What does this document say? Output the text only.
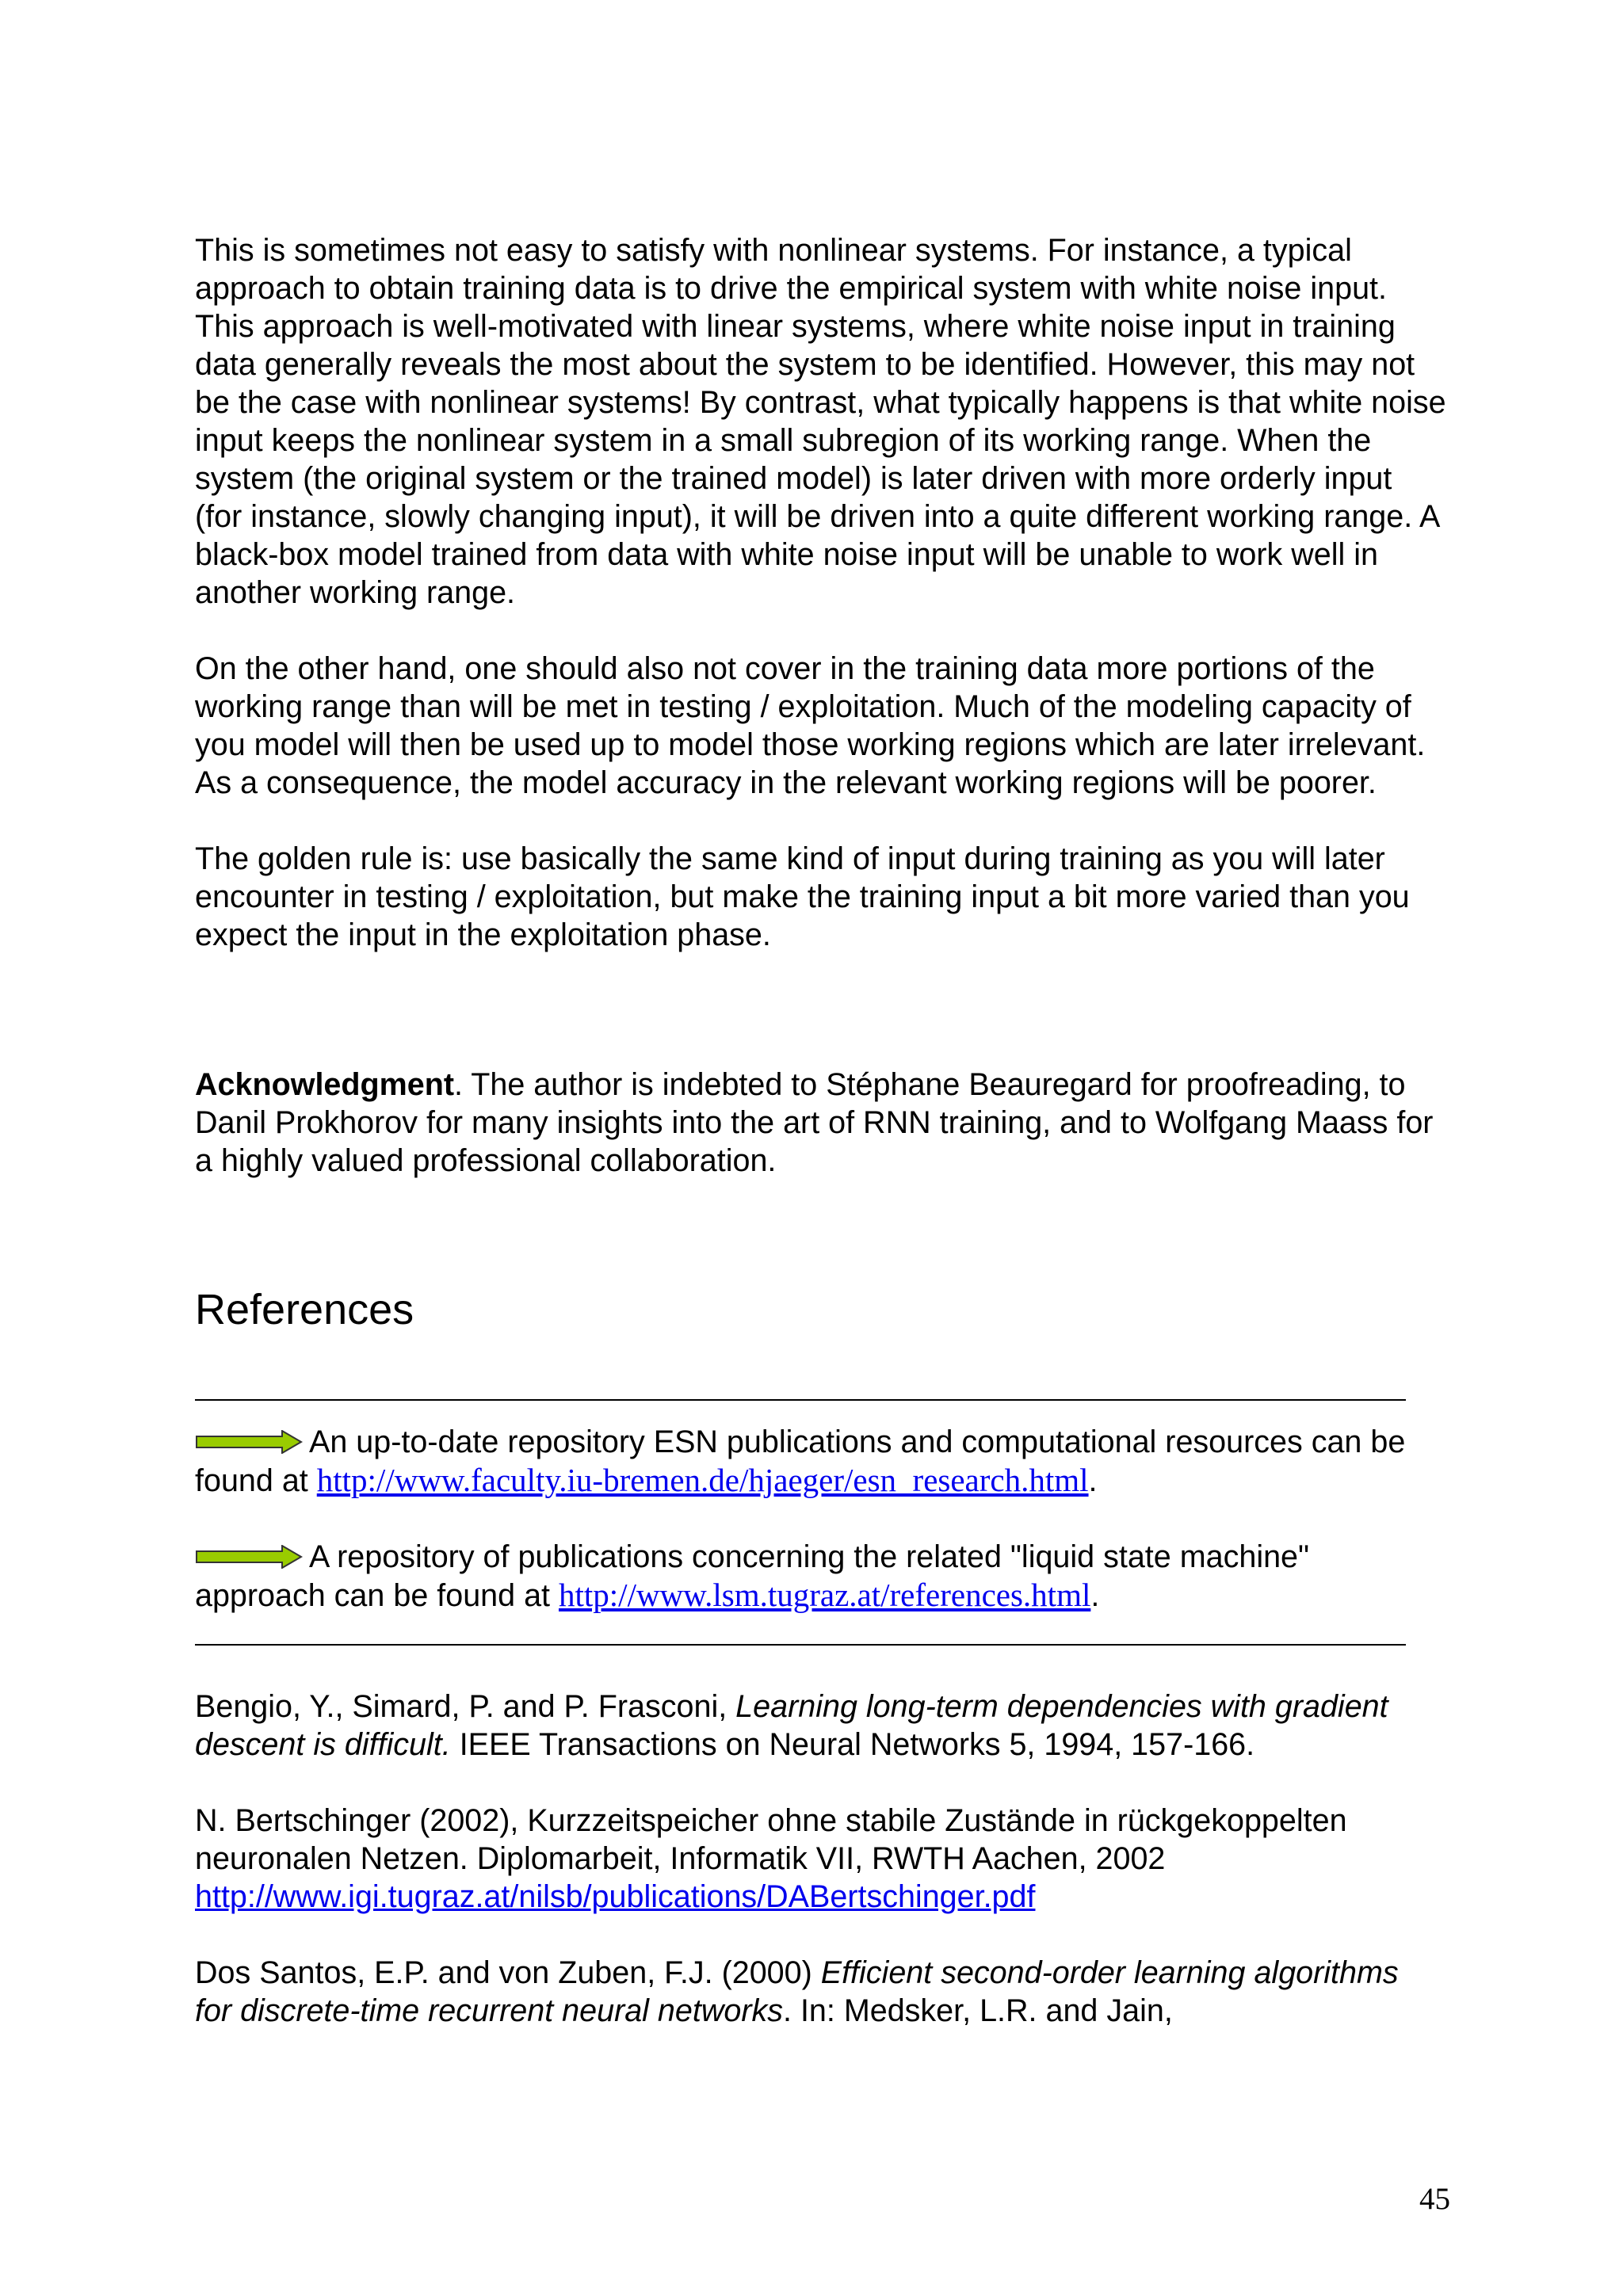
This is sometimes not easy to satisfy with nonlinear systems. For instance, a typical approach to obtain training data is to drive the empirical system with white noise input. This approach is well-motivated with linear systems, where white noise input in training data generally reveals the most about the system to be identified. However, this may not be the case with nonlinear systems! By contrast, what typically happens is that white noise input keeps the nonlinear system in a small subregion of its working range. When the system (the original system or the trained model) is later driven with more orderly input (for instance, slowly changing input), it will be driven into a quite different working range. A black-box model trained from data with white noise input will be unable to work well in another working range.

On the other hand, one should also not cover in the training data more portions of the working range than will be met in testing / exploitation. Much of the modeling capacity of you model will then be used up to model those working regions which are later irrelevant. As a consequence, the model accuracy in the relevant working regions will be poorer.

The golden rule is: use basically the same kind of input during training as you will later encounter in testing / exploitation, but make the training input a bit more varied than you expect the input in the exploitation phase.

Acknowledgment. The author is indebted to Stéphane Beauregard for proofreading, to Danil Prokhorov for many insights into the art of RNN training, and to Wolfgang Maass for a highly valued professional collaboration.

References

An up-to-date repository ESN publications and computational resources can be found at http://www.faculty.iu-bremen.de/hjaeger/esn_research.html.

A repository of publications concerning the related "liquid state machine" approach can be found at http://www.lsm.tugraz.at/references.html.

Bengio, Y., Simard, P. and P. Frasconi, Learning long-term dependencies with gradient descent is difficult. IEEE Transactions on Neural Networks 5, 1994, 157-166.

N. Bertschinger (2002), Kurzzeitspeicher ohne stabile Zustände in rückgekoppelten neuronalen Netzen. Diplomarbeit, Informatik VII, RWTH Aachen, 2002
http://www.igi.tugraz.at/nilsb/publications/DABertschinger.pdf

Dos Santos, E.P. and von Zuben, F.J. (2000) Efficient second-order learning algorithms for discrete-time recurrent neural networks. In: Medsker, L.R. and Jain,

45
